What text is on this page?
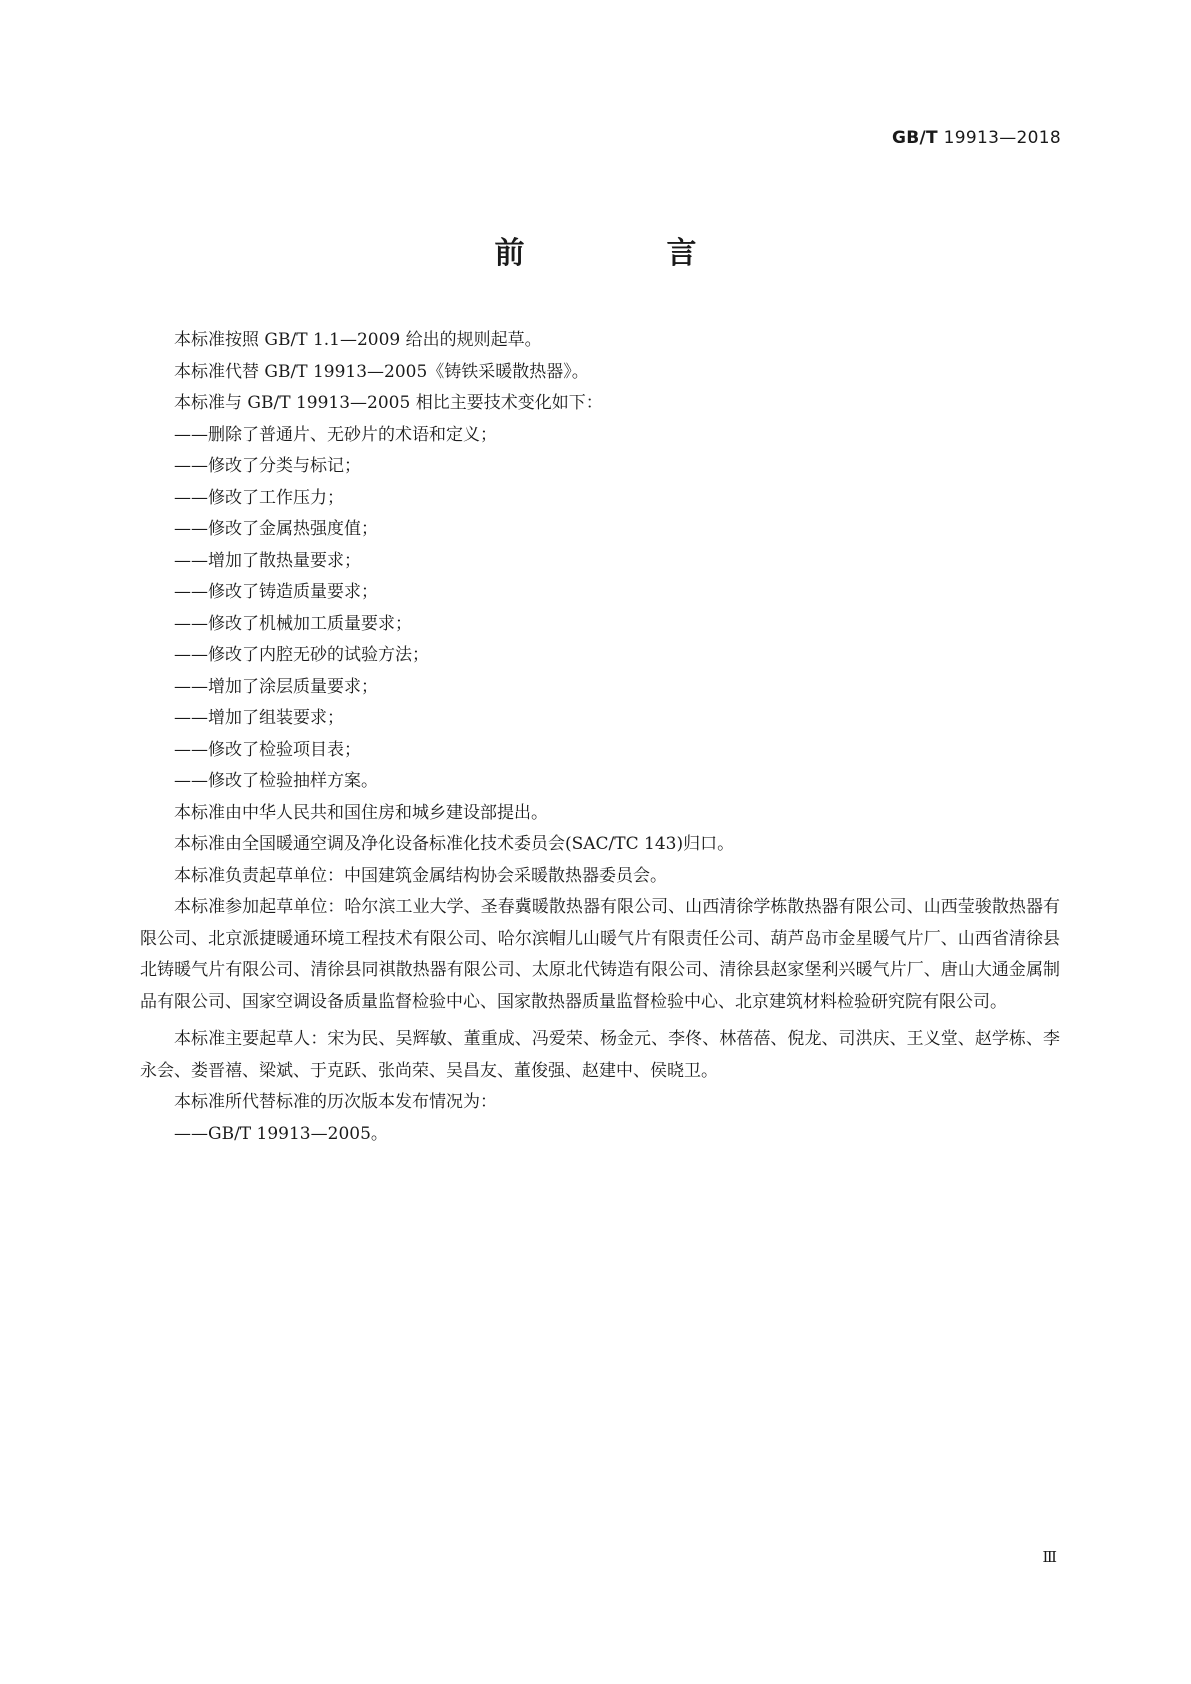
GB/T 19913—2018
前　言

本标准按照 GB/T 1.1—2009 给出的规则起草。

本标准代替 GB/T 19913—2005《铸铁采暖散热器》。

本标准与 GB/T 19913—2005 相比主要技术变化如下：

——删除了普通片、无砂片的术语和定义；

——修改了分类与标记；

——修改了工作压力；

——修改了金属热强度值；

——增加了散热量要求；

——修改了铸造质量要求；

——修改了机械加工质量要求；

——修改了内腔无砂的试验方法；

——增加了涂层质量要求；

——增加了组装要求；

——修改了检验项目表；

——修改了检验抽样方案。

本标准由中华人民共和国住房和城乡建设部提出。

本标准由全国暖通空调及净化设备标准化技术委员会(SAC/TC 143)归口。

本标准负责起草单位：中国建筑金属结构协会采暖散热器委员会。

本标准参加起草单位：哈尔滨工业大学、圣春冀暖散热器有限公司、山西清徐学栋散热器有限公司、山西莹骏散热器有限公司、北京派捷暖通环境工程技术有限公司、哈尔滨帽儿山暖气片有限责任公司、葫芦岛市金星暖气片厂、山西省清徐县北铸暖气片有限公司、清徐县同祺散热器有限公司、太原北代铸造有限公司、清徐县赵家堡利兴暖气片厂、唐山大通金属制品有限公司、国家空调设备质量监督检验中心、国家散热器质量监督检验中心、北京建筑材料检验研究院有限公司。

本标准主要起草人：宋为民、吴辉敏、董重成、冯爱荣、杨金元、李佟、林蓓蓓、倪龙、司洪庆、王义堂、赵学栋、李永会、娄晋禧、梁斌、于克跃、张尚荣、吴昌友、董俊强、赵建中、侯晓卫。

本标准所代替标准的历次版本发布情况为：

——GB/T 19913—2005。

Ⅲ
